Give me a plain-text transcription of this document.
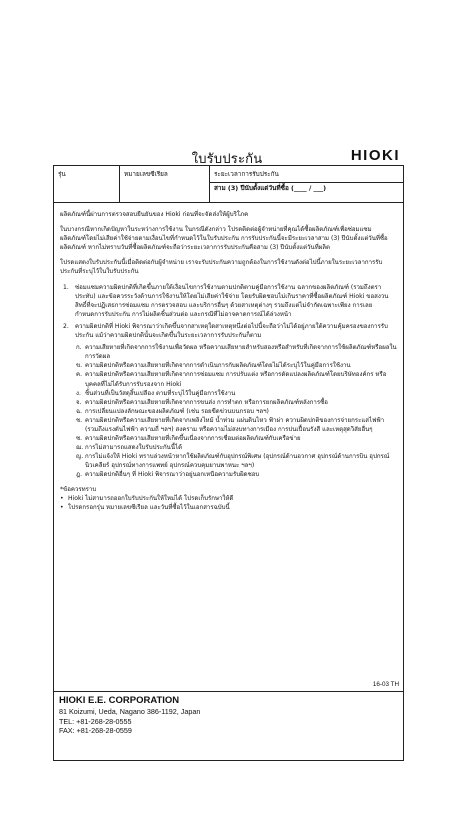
ใบรับประกัน	HIOKI
รุ่น	หมายเลขซีเรียล	ระยะเวลาการรับประกัน
สาม (3) ปีนับตั้งแต่วันที่ซื้อ (____ / ___)
ผลิตภัณฑ์นี้ผ่านการตรวจสอบยืนยันของ Hioki ก่อนที่จะจัดส่งให้ผู้บริโภค
ในบางกรณีหากเกิดปัญหาในระหว่างการใช้งาน ในกรณีดังกล่าว โปรดติดต่อผู้จำหน่ายที่คุณได้ซื้อผลิตภัณฑ์เพื่อซ่อมแซมผลิตภัณฑ์โดยไม่เสียค่าใช้จ่ายตามเงื่อนไขที่กำหนดไว้ในใบรับประกัน การรับประกันนี้จะมีระยะเวลาสาม (3) ปีนับตั้งแต่วันที่ซื้อผลิตภัณฑ์ หากไม่ทราบวันที่ซื้อผลิตภัณฑ์จะถือว่าระยะเวลาการรับประกันคือสาม (3) ปีนับตั้งแต่วันที่ผลิต
โปรดแสดงใบรับประกันนี้เมื่อติดต่อกับผู้จำหน่าย เราจะรับประกันความถูกต้องในการใช้งานดังต่อไปนี้ภายในระยะเวลาการรับประกันที่ระบุไว้ในใบรับประกัน
1.	ซ่อมแซมความผิดปกติที่เกิดขึ้นภายใต้เงื่อนไขการใช้งานตามปกติตามคู่มือการใช้งาน ฉลากของผลิตภัณฑ์ (รวมถึงตราประทับ) และข้อควรระวังด้านการใช้งานให้โดยไม่เสียค่าใช้จ่าย โดยรับผิดชอบไม่เกินราคาที่ซื้อผลิตภัณฑ์ Hioki ขอสงวนสิทธิ์ที่จะปฏิเสธการซ่อมแซม การตรวจสอบ และบริการอื่นๆ ด้วยสาเหตุต่างๆ รวมถึงแต่ไม่จำกัดเฉพาะเพียง การเลยกำหนดการรับประกัน การไม่ผลิตชิ้นส่วนต่อ และกรณีที่ไม่อาจคาดการณ์ได้ล่วงหน้า
2.	ความผิดปกติที่ Hioki พิจารณาว่าเกิดขึ้นจากสาเหตุใดสาเหตุหนึ่งต่อไปนี้จะถือว่าไม่ได้อยู่ภายใต้ความคุ้มครองของการรับประกัน แม้ว่าความผิดปกตินั้นจะเกิดขึ้นในระยะเวลาการรับประกันก็ตาม
ก. ความเสียหายที่เกิดจากการใช้งานเพื่อวัดผล หรือความเสียหายสำหรับสองหรือสำหรับที่เกิดจากการใช้ผลิตภัณฑ์หรือผลในการวัดผล
ข. ความผิดปกติหรือความเสียหายที่เกิดจากการดำเนินการกับผลิตภัณฑ์โดยไม่ได้ระบุไว้ในคู่มือการใช้งาน
ค. ความผิดปกติหรือความเสียหายที่เกิดจากการซ่อมแซม การปรับแต่ง หรือการดัดแปลงผลิตภัณฑ์โดยบริษัทองค์กร หรือบุคคลที่ไม่ได้รับการรับรองจาก Hioki
ง. ชิ้นส่วนที่เป็นวัสดุสิ้นเปลือง ตามที่ระบุไว้ในคู่มือการใช้งาน
จ. ความผิดปกติหรือความเสียหายที่เกิดจากการขนส่ง การทำตก หรือการยกผลิตภัณฑ์หลังการซื้อ
ฉ. การเปลี่ยนแปลงลักษณะของผลิตภัณฑ์ (เช่น รอยขีดข่วนบนกรอบ ฯลฯ)
ช. ความผิดปกติหรือความเสียหายที่เกิดจากเพลิงไหม้ น้ำท่วม แผ่นดินไหว ฟ้าผ่า ความผิดปกติของการจ่ายกระแสไฟฟ้า (รวมถึงแรงดันไฟฟ้า ความถี่ ฯลฯ) สงคราม หรือความไม่สงบทางการเมือง การปนเปื้อนรังสี และเหตุสุดวิสัยอื่นๆ
ซ. ความผิดปกติหรือความเสียหายที่เกิดขึ้นเนื่องจากการเชื่อมต่อผลิตภัณฑ์กับเครือข่าย
ฌ. การไม่สามารถแสดงใบรับประกันนี้ได้
ญ. การไม่แจ้งให้ Hioki ทราบล่วงหน้าหากใช้ผลิตภัณฑ์กับอุปกรณ์พิเศษ (อุปกรณ์ด้านอวกาศ อุปกรณ์ด้านการบิน อุปกรณ์นิวเคลียร์ อุปกรณ์ทางการแพทย์ อุปกรณ์ควบคุมยานพาหนะ ฯลฯ)
ฎ. ความผิดปกติอื่นๆ ที่ Hioki พิจารณาว่าอยู่นอกเหนือความรับผิดชอบ
*ข้อควรทราบ
• Hioki ไม่สามารถออกใบรับประกันให้ใหม่ได้ โปรดเก็บรักษาให้ดี
• โปรดกรอกรุ่น หมายเลขซีเรียล และวันที่ซื้อไว้ในเอกสารฉบับนี้
16-03 TH
HIOKI E.E. CORPORATION
81 Koizumi, Ueda, Nagano 386-1192, Japan
TEL: +81-268-28-0555
FAX: +81-268-28-0559
